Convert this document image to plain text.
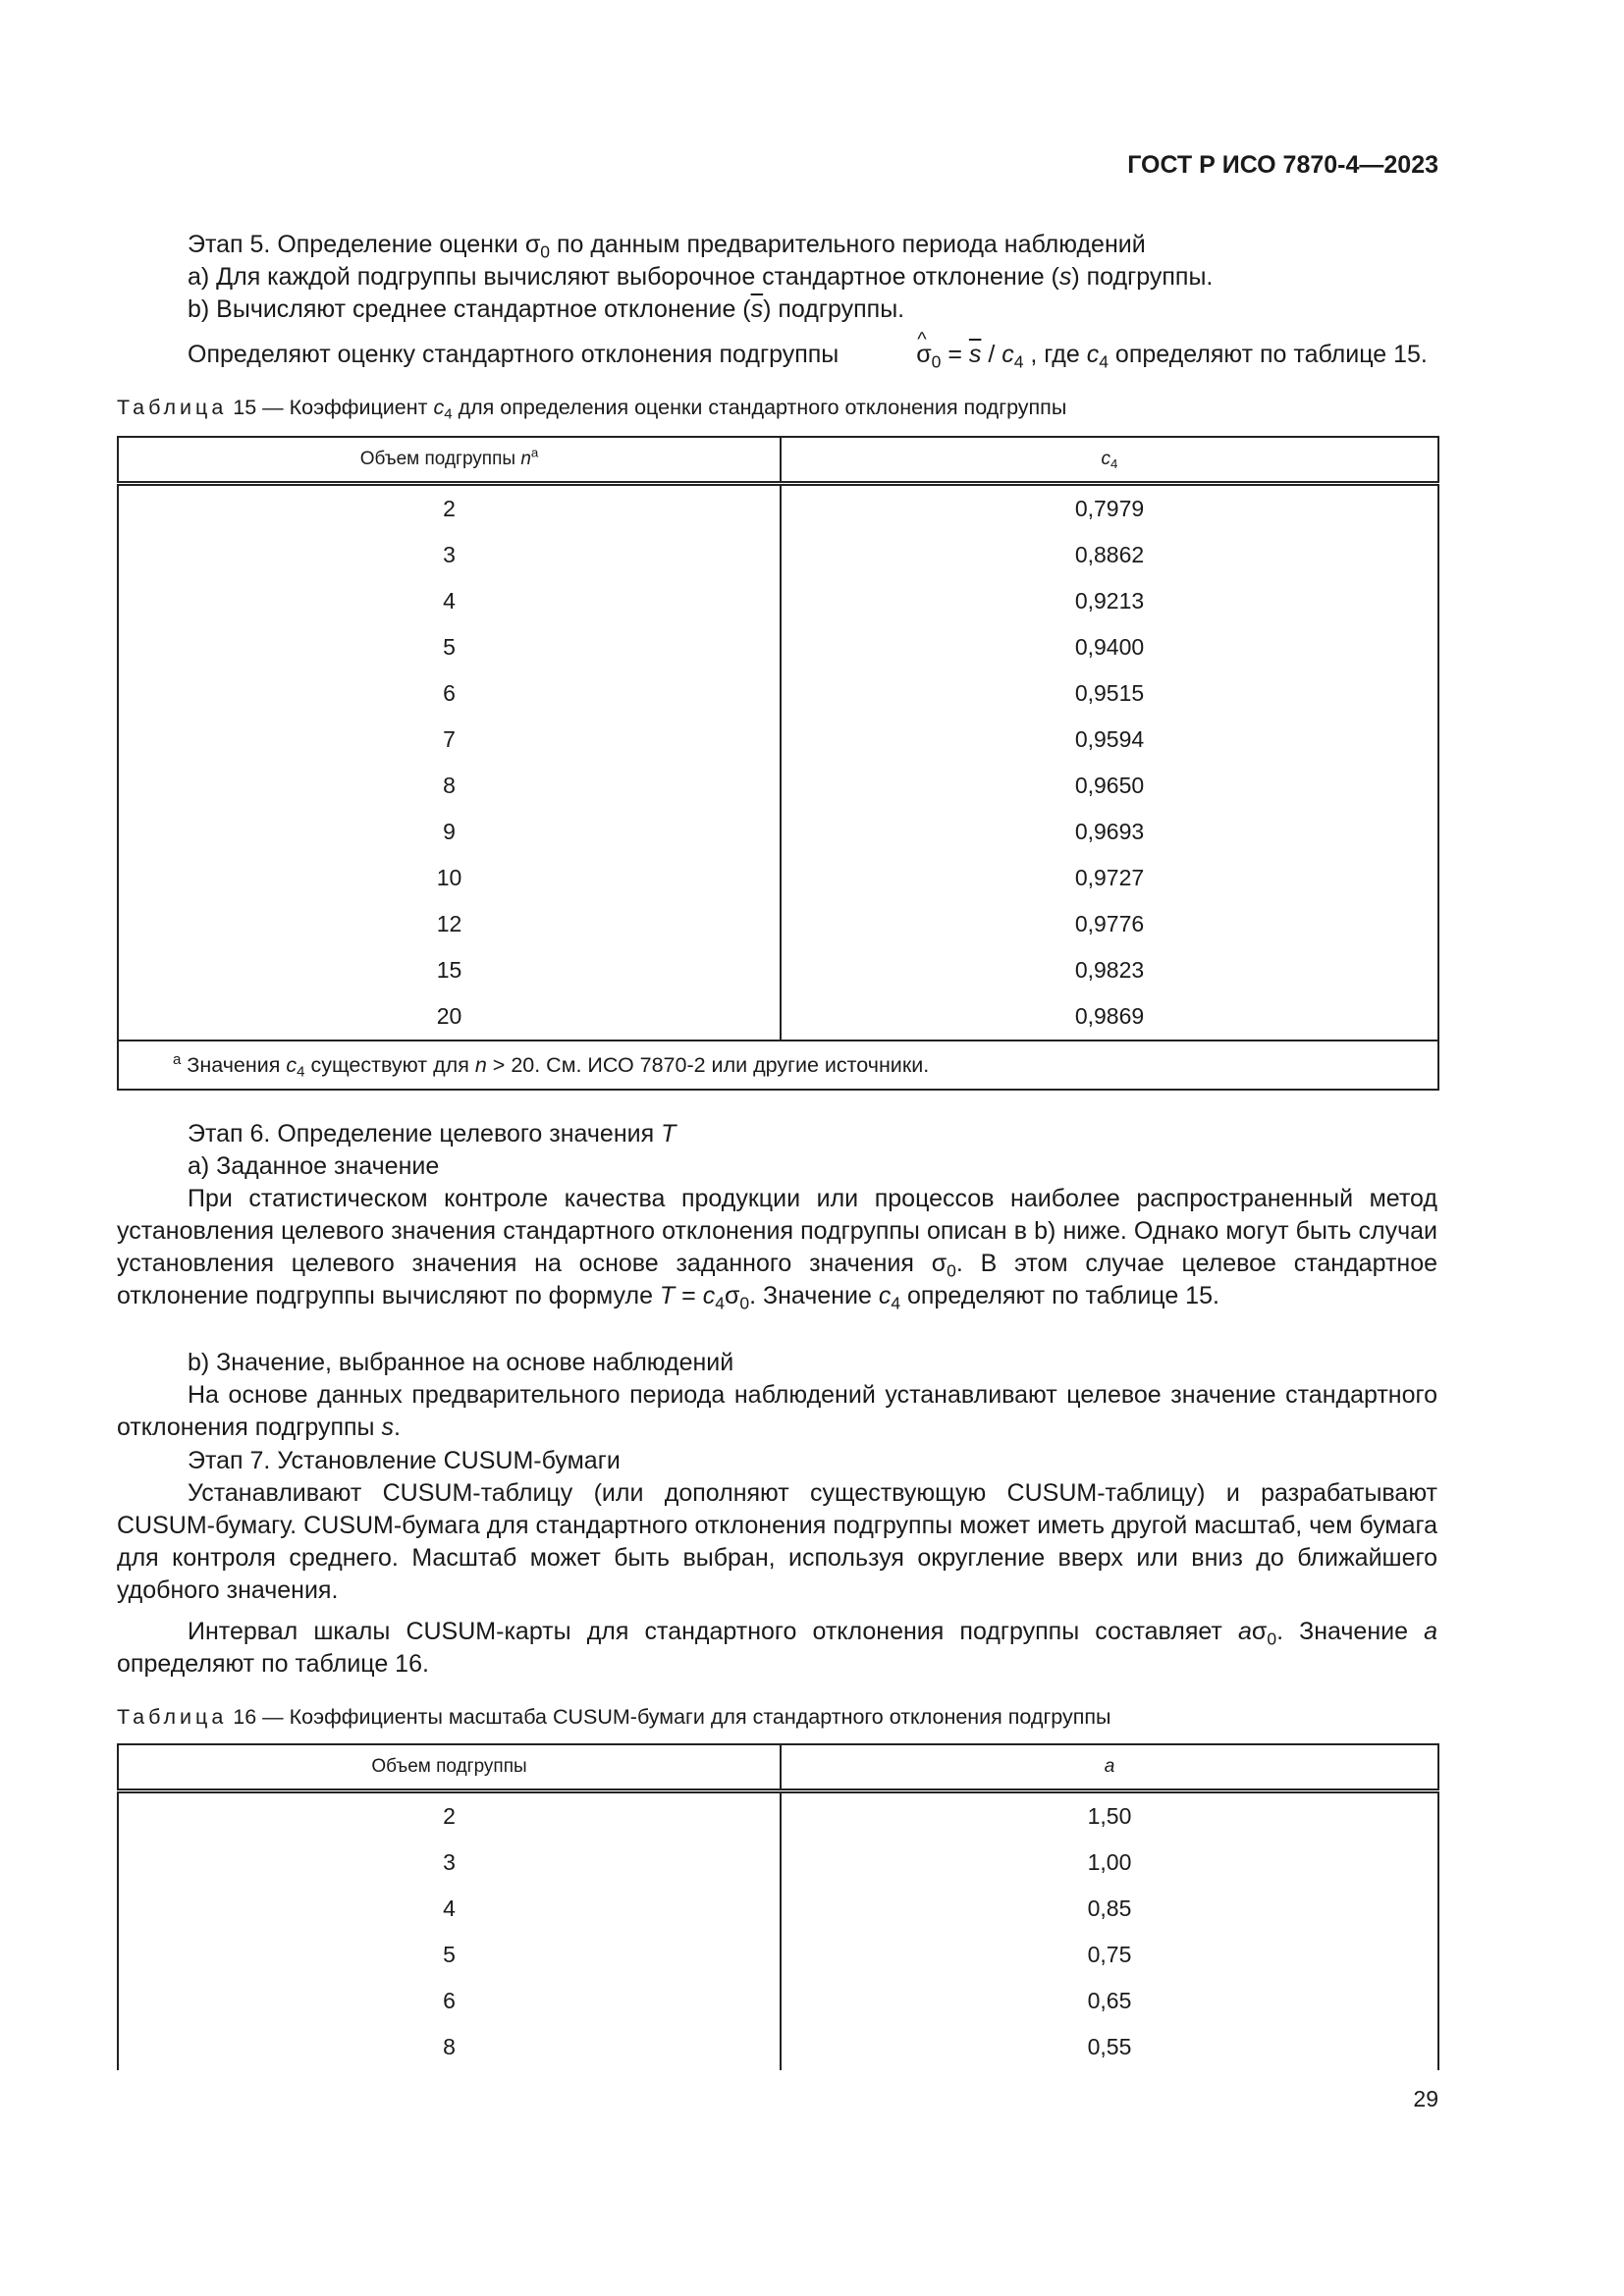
ГОСТ Р ИСО 7870-4—2023
Этап 5. Определение оценки $\sigma_0$ по данным предварительного периода наблюдений
a) Для каждой подгруппы вычисляют выборочное стандартное отклонение (s) подгруппы.
b) Вычисляют среднее стандартное отклонение $(\overline{s})$ подгруппы.
Определяют оценку стандартного отклонения подгруппы	^ $\sigma_0 = \overline{s} / c_4$ , где $c_4$ определяют по таблице 15.
Таблица 15 — Коэффициент $c_4$ для определения оценки стандартного отклонения подгруппы
Объем подгруппы $n^a$	$c_4$
2	0,7979
3	0,8862
4	0,9213
5	0,9400
6	0,9515
7	0,9594
8	0,9650
9	0,9693
10	0,9727
12	0,9776
15	0,9823
20	0,9869
$^a$ Значения $c_4$ существуют для n > 20. См. ИСО 7870-2 или другие источники.	
Этап 6. Определение целевого значения T
a) Заданное значение
При статистическом контроле качества продукции или процессов наиболее распространенный метод установления целевого значения стандартного отклонения подгруппы описан в b) ниже. Однако могут быть случаи установления целевого значения на основе заданного значения $\sigma_0$. В этом случае целевое стандартное отклонение подгруппы вычисляют по формуле $T = c_4\sigma_0$. Значение $c_4$ определяют по таблице 15.
b) Значение, выбранное на основе наблюдений
На основе данных предварительного периода наблюдений устанавливают целевое значение стандартного отклонения подгруппы s.
Этап 7. Установление CUSUM-бумаги
Устанавливают CUSUM-таблицу (или дополняют существующую CUSUM-таблицу) и разрабатывают CUSUM-бумагу. CUSUM-бумага для стандартного отклонения подгруппы может иметь другой масштаб, чем бумага для контроля среднего. Масштаб может быть выбран, используя округление вверх или вниз до ближайшего удобного значения.
Интервал шкалы CUSUM-карты для стандартного отклонения подгруппы составляет $a\sigma_0$. Значение a определяют по таблице 16.
Таблица 16 — Коэффициенты масштаба CUSUM-бумаги для стандартного отклонения подгруппы
Объем подгруппы	a
2	1,50
3	1,00
4	0,85
5	0,75
6	0,65
8	0,55
29
